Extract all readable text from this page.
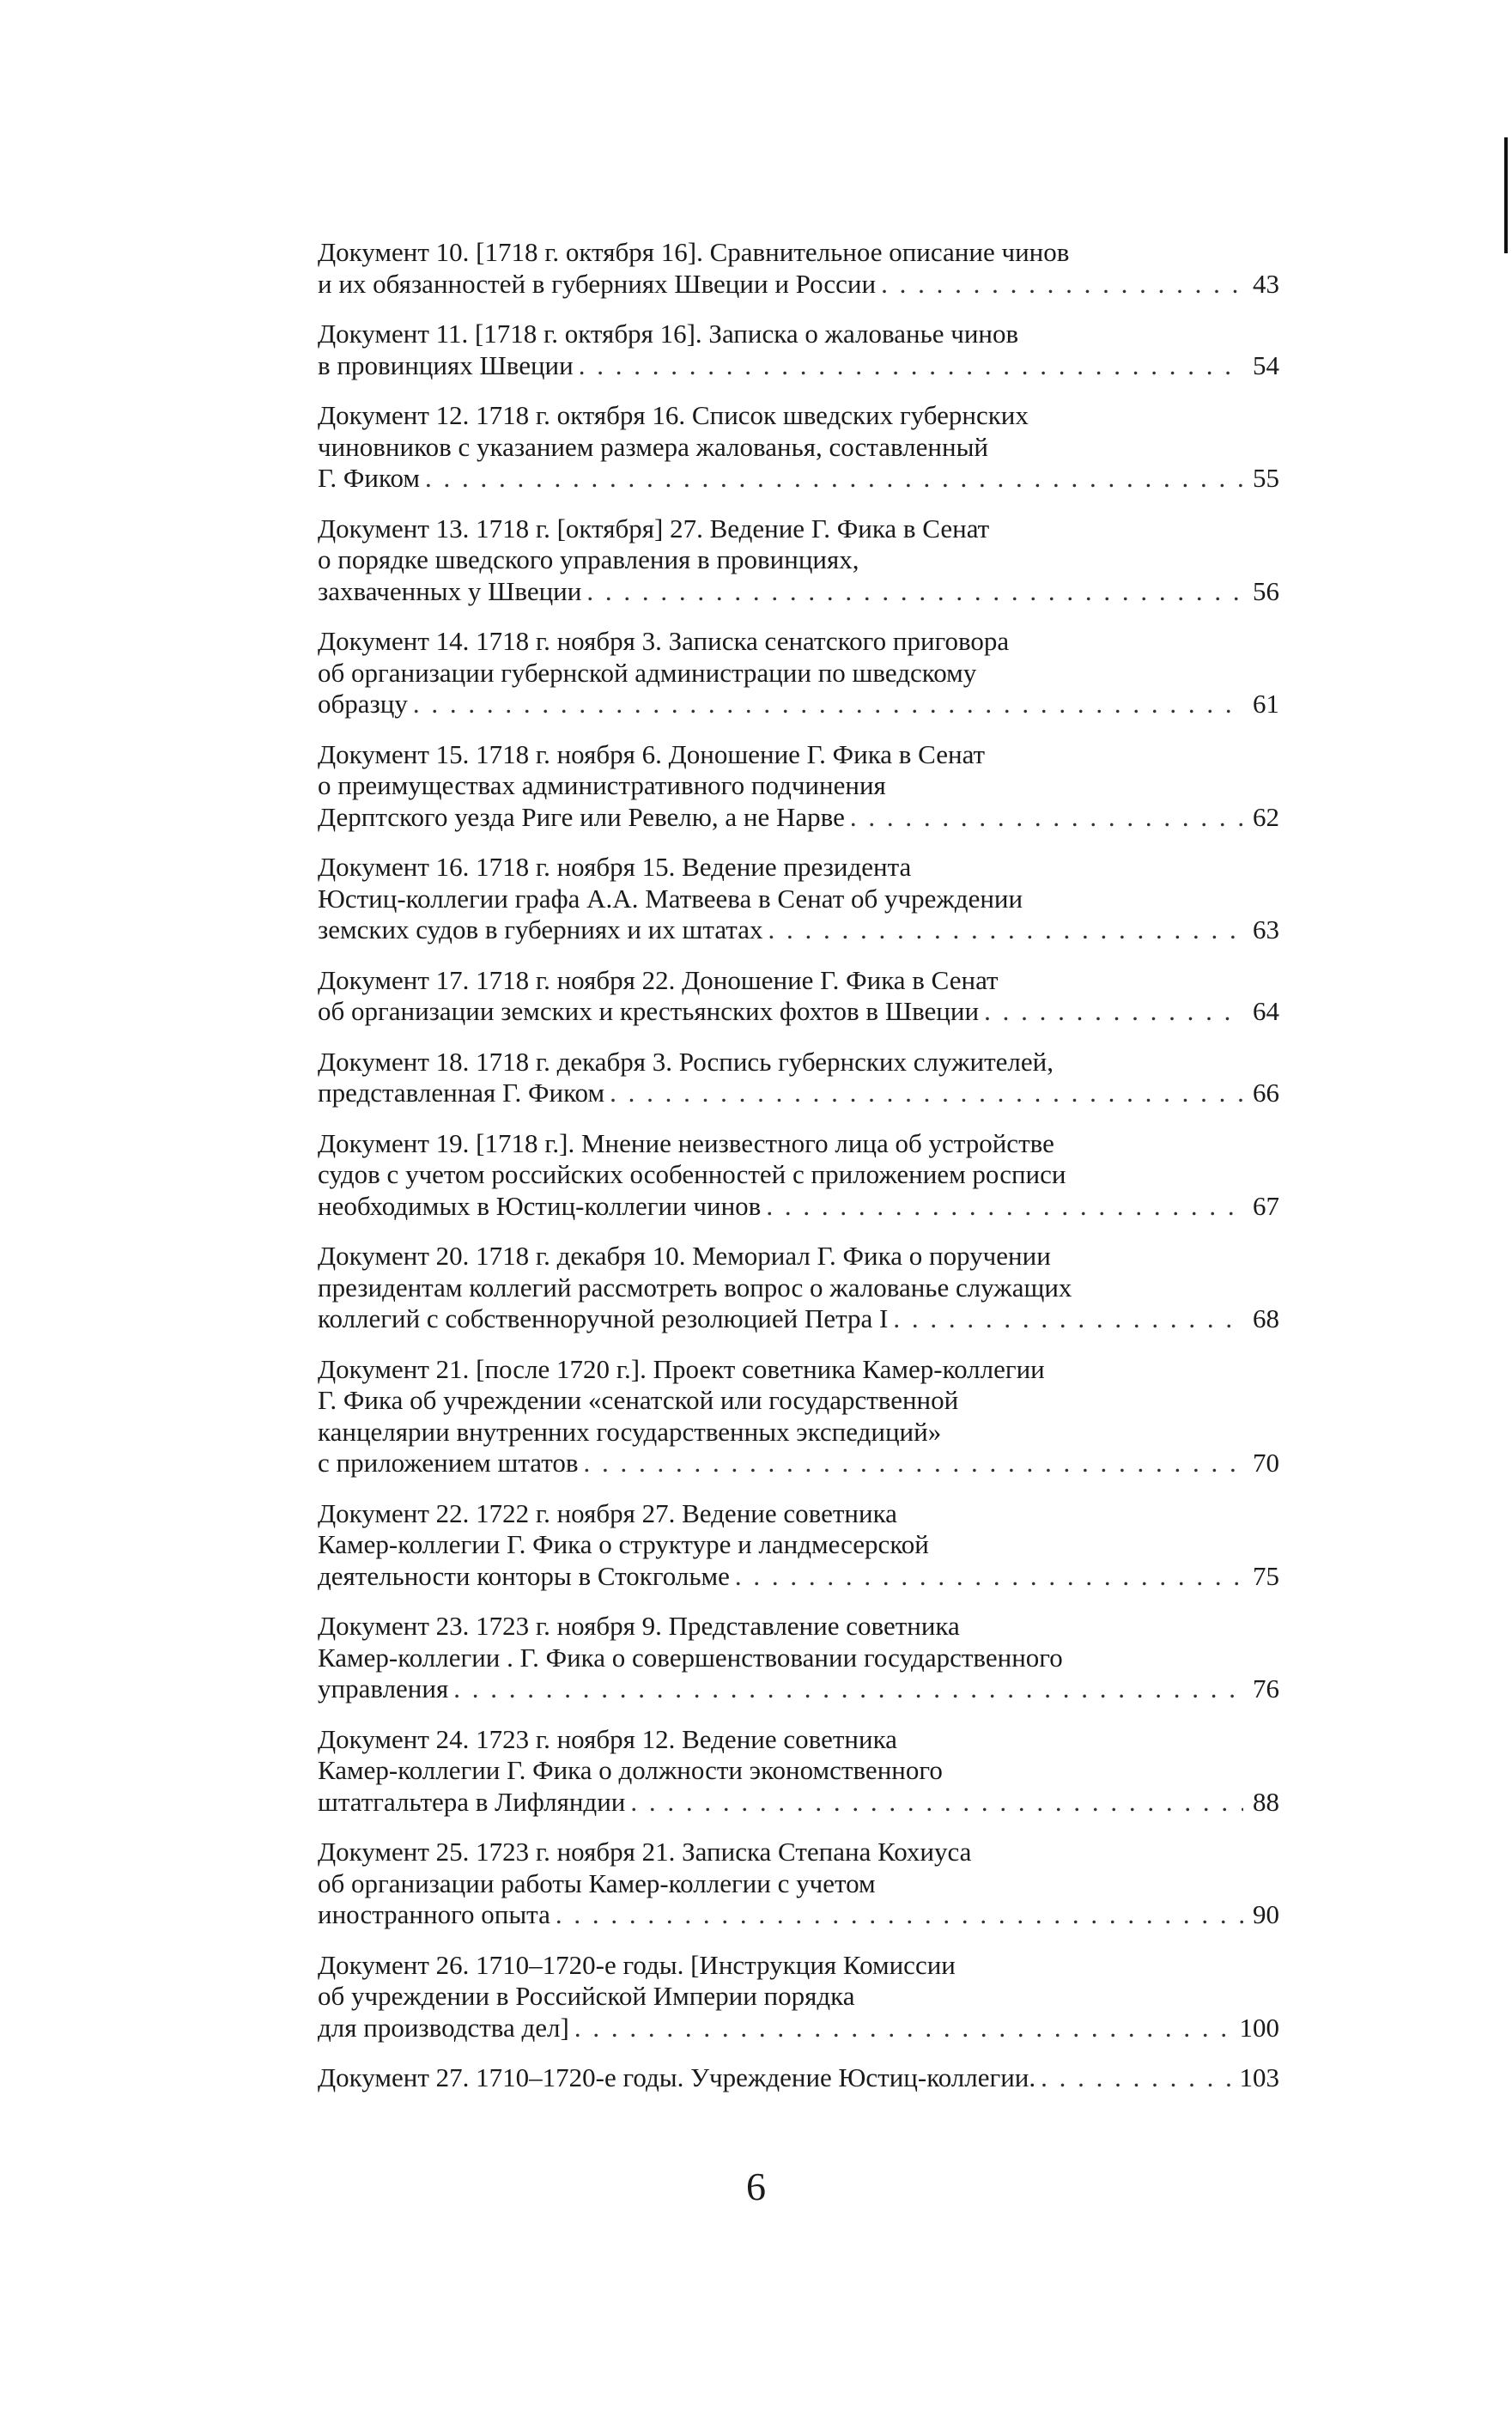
Документ 10. [1718 г. октября 16]. Сравнительное описание чинов
и их обязанностей в губерниях Швеции и России . . .	43
Документ 11. [1718 г. октября 16]. Записка о жалованье чинов
в провинциях Швеции . . .	54
Документ 12. 1718 г. октября 16. Список шведских губернских
чиновников с указанием размера жалованья, составленный
Г. Фиком . . .	55
Документ 13. 1718 г. [октября] 27. Ведение Г. Фика в Сенат
о порядке шведского управления в провинциях,
захваченных у Швеции . . .	56
Документ 14. 1718 г. ноября 3. Записка сенатского приговора
об организации губернской администрации по шведскому
образцу . . .	61
Документ 15. 1718 г. ноября 6. Доношение Г. Фика в Сенат
о преимуществах административного подчинения
Дерптского уезда Риге или Ревелю, а не Нарве . . .	62
Документ 16. 1718 г. ноября 15. Ведение президента
Юстиц-коллегии графа А.А. Матвеева в Сенат об учреждении
земских судов в губерниях и их штатах . . .	63
Документ 17. 1718 г. ноября 22. Доношение Г. Фика в Сенат
об организации земских и крестьянских фохтов в Швеции . . .	64
Документ 18. 1718 г. декабря 3. Роспись губернских служителей,
представленная Г. Фиком . . .	66
Документ 19. [1718 г.]. Мнение неизвестного лица об устройстве
судов с учетом российских особенностей с приложением росписи
необходимых в Юстиц-коллегии чинов . . .	67
Документ 20. 1718 г. декабря 10. Мемориал Г. Фика о поручении
президентам коллегий рассмотреть вопрос о жалованье служащих
коллегий с собственноручной резолюцией Петра I . . .	68
Документ 21. [после 1720 г.]. Проект советника Камер-коллегии
Г. Фика об учреждении «сенатской или государственной
канцелярии внутренних государственных экспедиций»
с приложением штатов . . .	70
Документ 22. 1722 г. ноября 27. Ведение советника
Камер-коллегии Г. Фика о структуре и ландмесерской
деятельности конторы в Стокгольме . . .	75
Документ 23. 1723 г. ноября 9. Представление советника
Камер-коллегии . Г. Фика о совершенствовании государственного
управления . . .	76
Документ 24. 1723 г. ноября 12. Ведение советника
Камер-коллегии Г. Фика о должности экономственного
штатгальтера в Лифляндии . . .	88
Документ 25. 1723 г. ноября 21. Записка Степана Кохиуса
об организации работы Камер-коллегии с учетом
иностранного опыта . . .	90
Документ 26. 1710–1720-е годы. [Инструкция Комиссии
об учреждении в Российской Империи порядка
для производства дел] . . .	100
Документ 27. 1710–1720-е годы. Учреждение Юстиц-коллегии. . . .	103
6
